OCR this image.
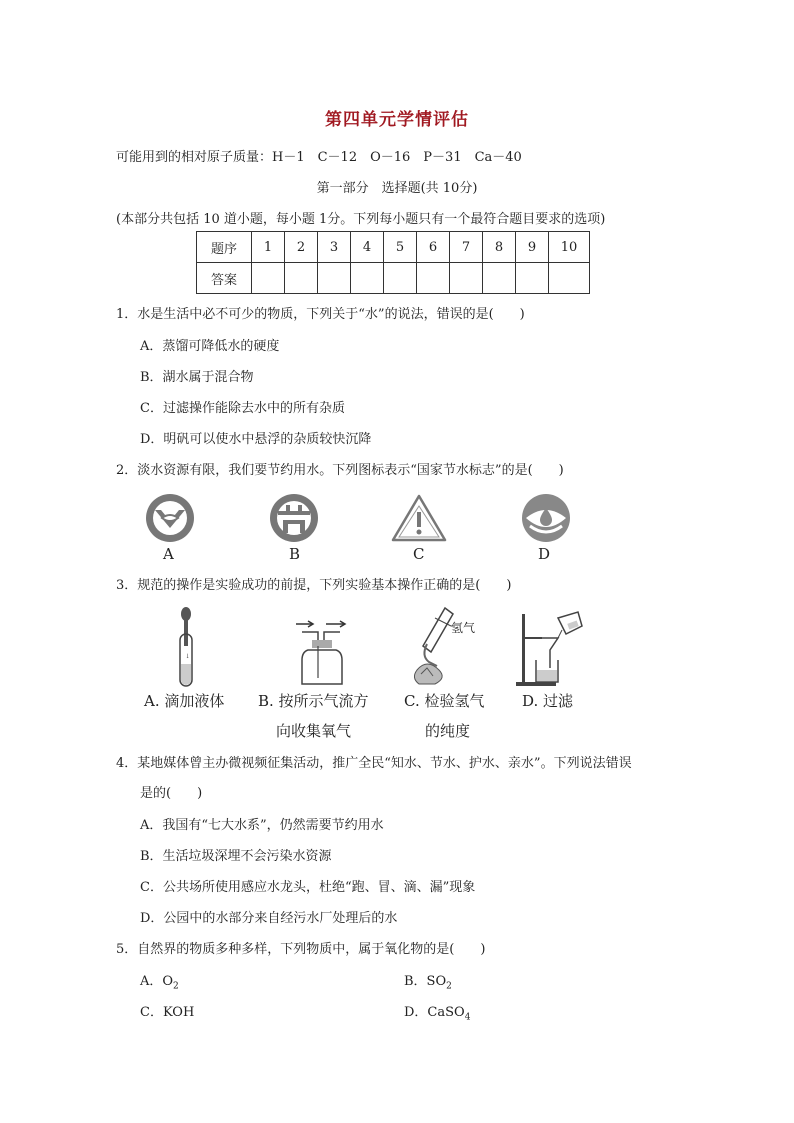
第四单元学情评估
可能用到的相对原子质量：H－1　C－12　O－16　P－31　Ca－40
第一部分　选择题(共 10分)
(本部分共包括 10 道小题，每小题 1分。下列每小题只有一个最符合题目要求的选项)
题序	1	2	3	4	5	6	7	8	9	10
答案										
1．水是生活中必不可少的物质，下列关于“水”的说法，错误的是(　　)
A．蒸馏可降低水的硬度
B．湖水属于混合物
C．过滤操作能除去水中的所有杂质
D．明矾可以使水中悬浮的杂质较快沉降
2．淡水资源有限，我们要节约用水。下列图标表示“国家节水标志”的是(　　)
A	B	C	D
3．规范的操作是实验成功的前提，下列实验基本操作正确的是(　　)
↓
氢气
A. 滴加液体 B. 按所示气流方
向收集氧气
C. 检验氢气
的纯度
D. 过滤
4．某地媒体曾主办微视频征集活动，推广全民“知水、节水、护水、亲水”。下列说法错误
是的(　　)
A．我国有“七大水系”，仍然需要节约用水
B．生活垃圾深埋不会污染水资源
C．公共场所使用感应水龙头，杜绝“跑、冒、滴、漏”现象
D．公园中的水部分来自经污水厂处理后的水
5．自然界的物质多种多样，下列物质中，属于氧化物的是(　　)
A．$O_2$	B．$SO_2$
C．KOH	D．CaSO$_4$
